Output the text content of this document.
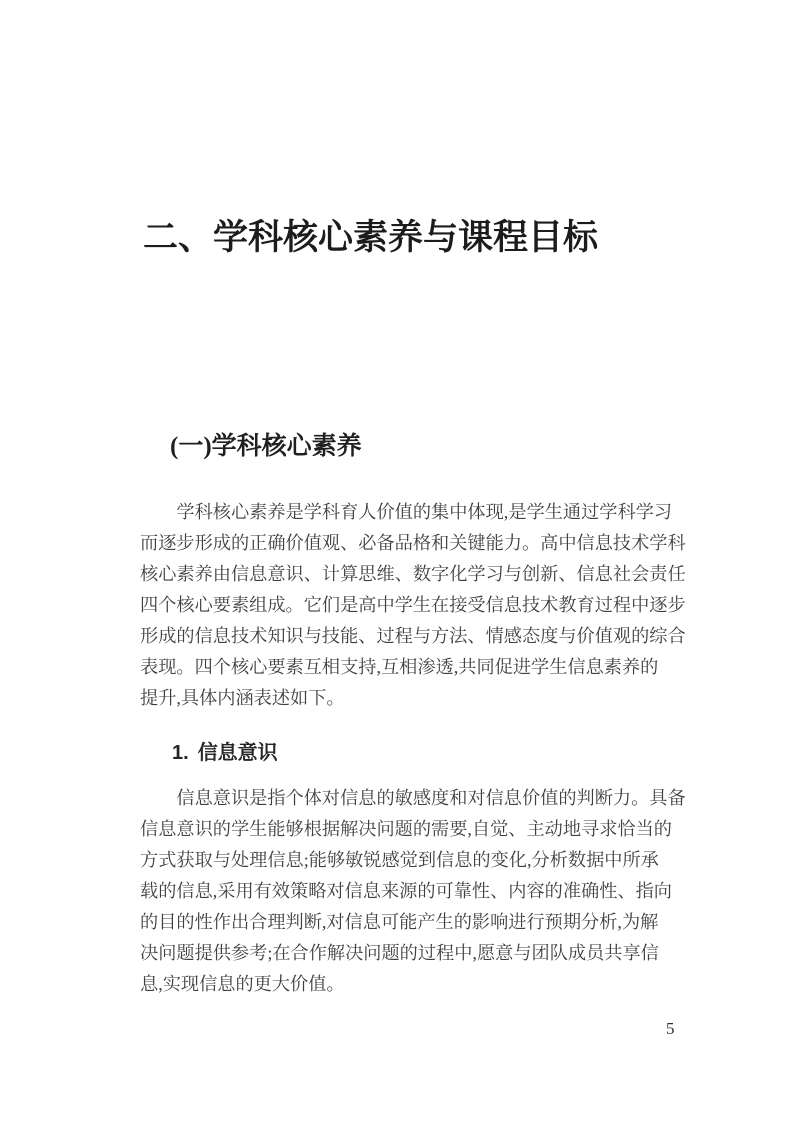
二、学科核心素养与课程目标
(一)学科核心素养
学科核心素养是学科育人价值的集中体现,是学生通过学科学习
而逐步形成的正确价值观、必备品格和关键能力。高中信息技术学科
核心素养由信息意识、计算思维、数字化学习与创新、信息社会责任
四个核心要素组成。它们是高中学生在接受信息技术教育过程中逐步
形成的信息技术知识与技能、过程与方法、情感态度与价值观的综合
表现。四个核心要素互相支持,互相渗透,共同促进学生信息素养的
提升,具体内涵表述如下。
1. 信息意识
信息意识是指个体对信息的敏感度和对信息价值的判断力。具备
信息意识的学生能够根据解决问题的需要,自觉、主动地寻求恰当的
方式获取与处理信息;能够敏锐感觉到信息的变化,分析数据中所承
载的信息,采用有效策略对信息来源的可靠性、内容的准确性、指向
的目的性作出合理判断,对信息可能产生的影响进行预期分析,为解
决问题提供参考;在合作解决问题的过程中,愿意与团队成员共享信
息,实现信息的更大价值。
5
